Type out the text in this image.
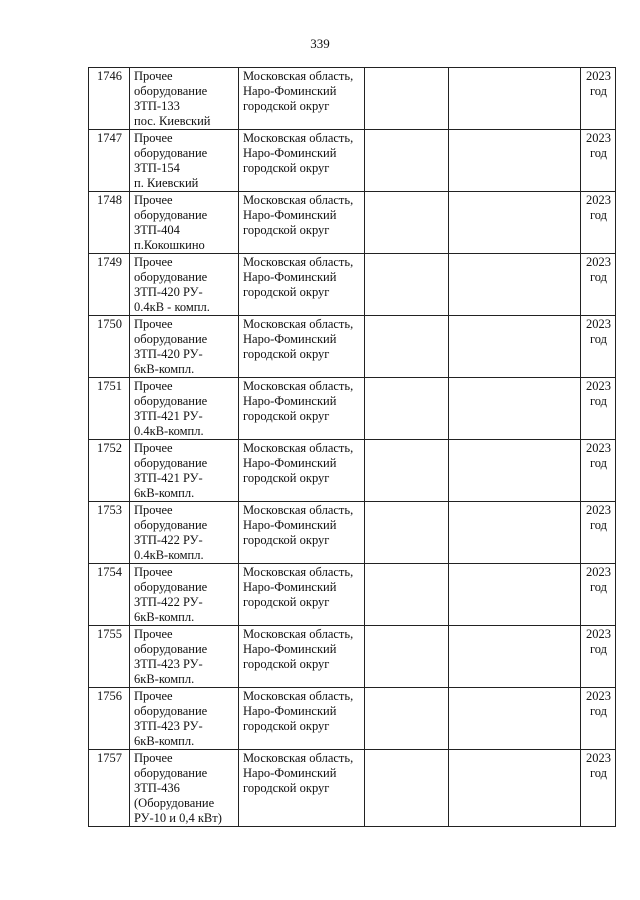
339
1746	Прочее
оборудование
ЗТП-133
пос. Киевский	Московская область,
Наро-Фоминский
городской округ			2023
год

1747	Прочее
оборудование
ЗТП-154
п. Киевский	Московская область,
Наро-Фоминский
городской округ			2023
год

1748	Прочее
оборудование
ЗТП-404
п.Кокошкино	Московская область,
Наро-Фоминский
городской округ			2023
год

1749	Прочее
оборудование
ЗТП-420 РУ-
0.4кВ - компл.	Московская область,
Наро-Фоминский
городской округ			2023
год

1750	Прочее
оборудование
ЗТП-420 РУ-
6кВ-компл.	Московская область,
Наро-Фоминский
городской округ			2023
год

1751	Прочее
оборудование
ЗТП-421 РУ-
0.4кВ-компл.	Московская область,
Наро-Фоминский
городской округ			2023
год

1752	Прочее
оборудование
ЗТП-421 РУ-
6кВ-компл.	Московская область,
Наро-Фоминский
городской округ			2023
год

1753	Прочее
оборудование
ЗТП-422 РУ-
0.4кВ-компл.	Московская область,
Наро-Фоминский
городской округ			2023
год

1754	Прочее
оборудование
ЗТП-422 РУ-
6кВ-компл.	Московская область,
Наро-Фоминский
городской округ			2023
год

1755	Прочее
оборудование
ЗТП-423 РУ-
6кВ-компл.	Московская область,
Наро-Фоминский
городской округ			2023
год

1756	Прочее
оборудование
ЗТП-423 РУ-
6кВ-компл.	Московская область,
Наро-Фоминский
городской округ			2023
год

1757	Прочее
оборудование
ЗТП-436
(Оборудование
РУ-10 и 0,4 кВт)	Московская область,
Наро-Фоминский
городской округ			2023
год
